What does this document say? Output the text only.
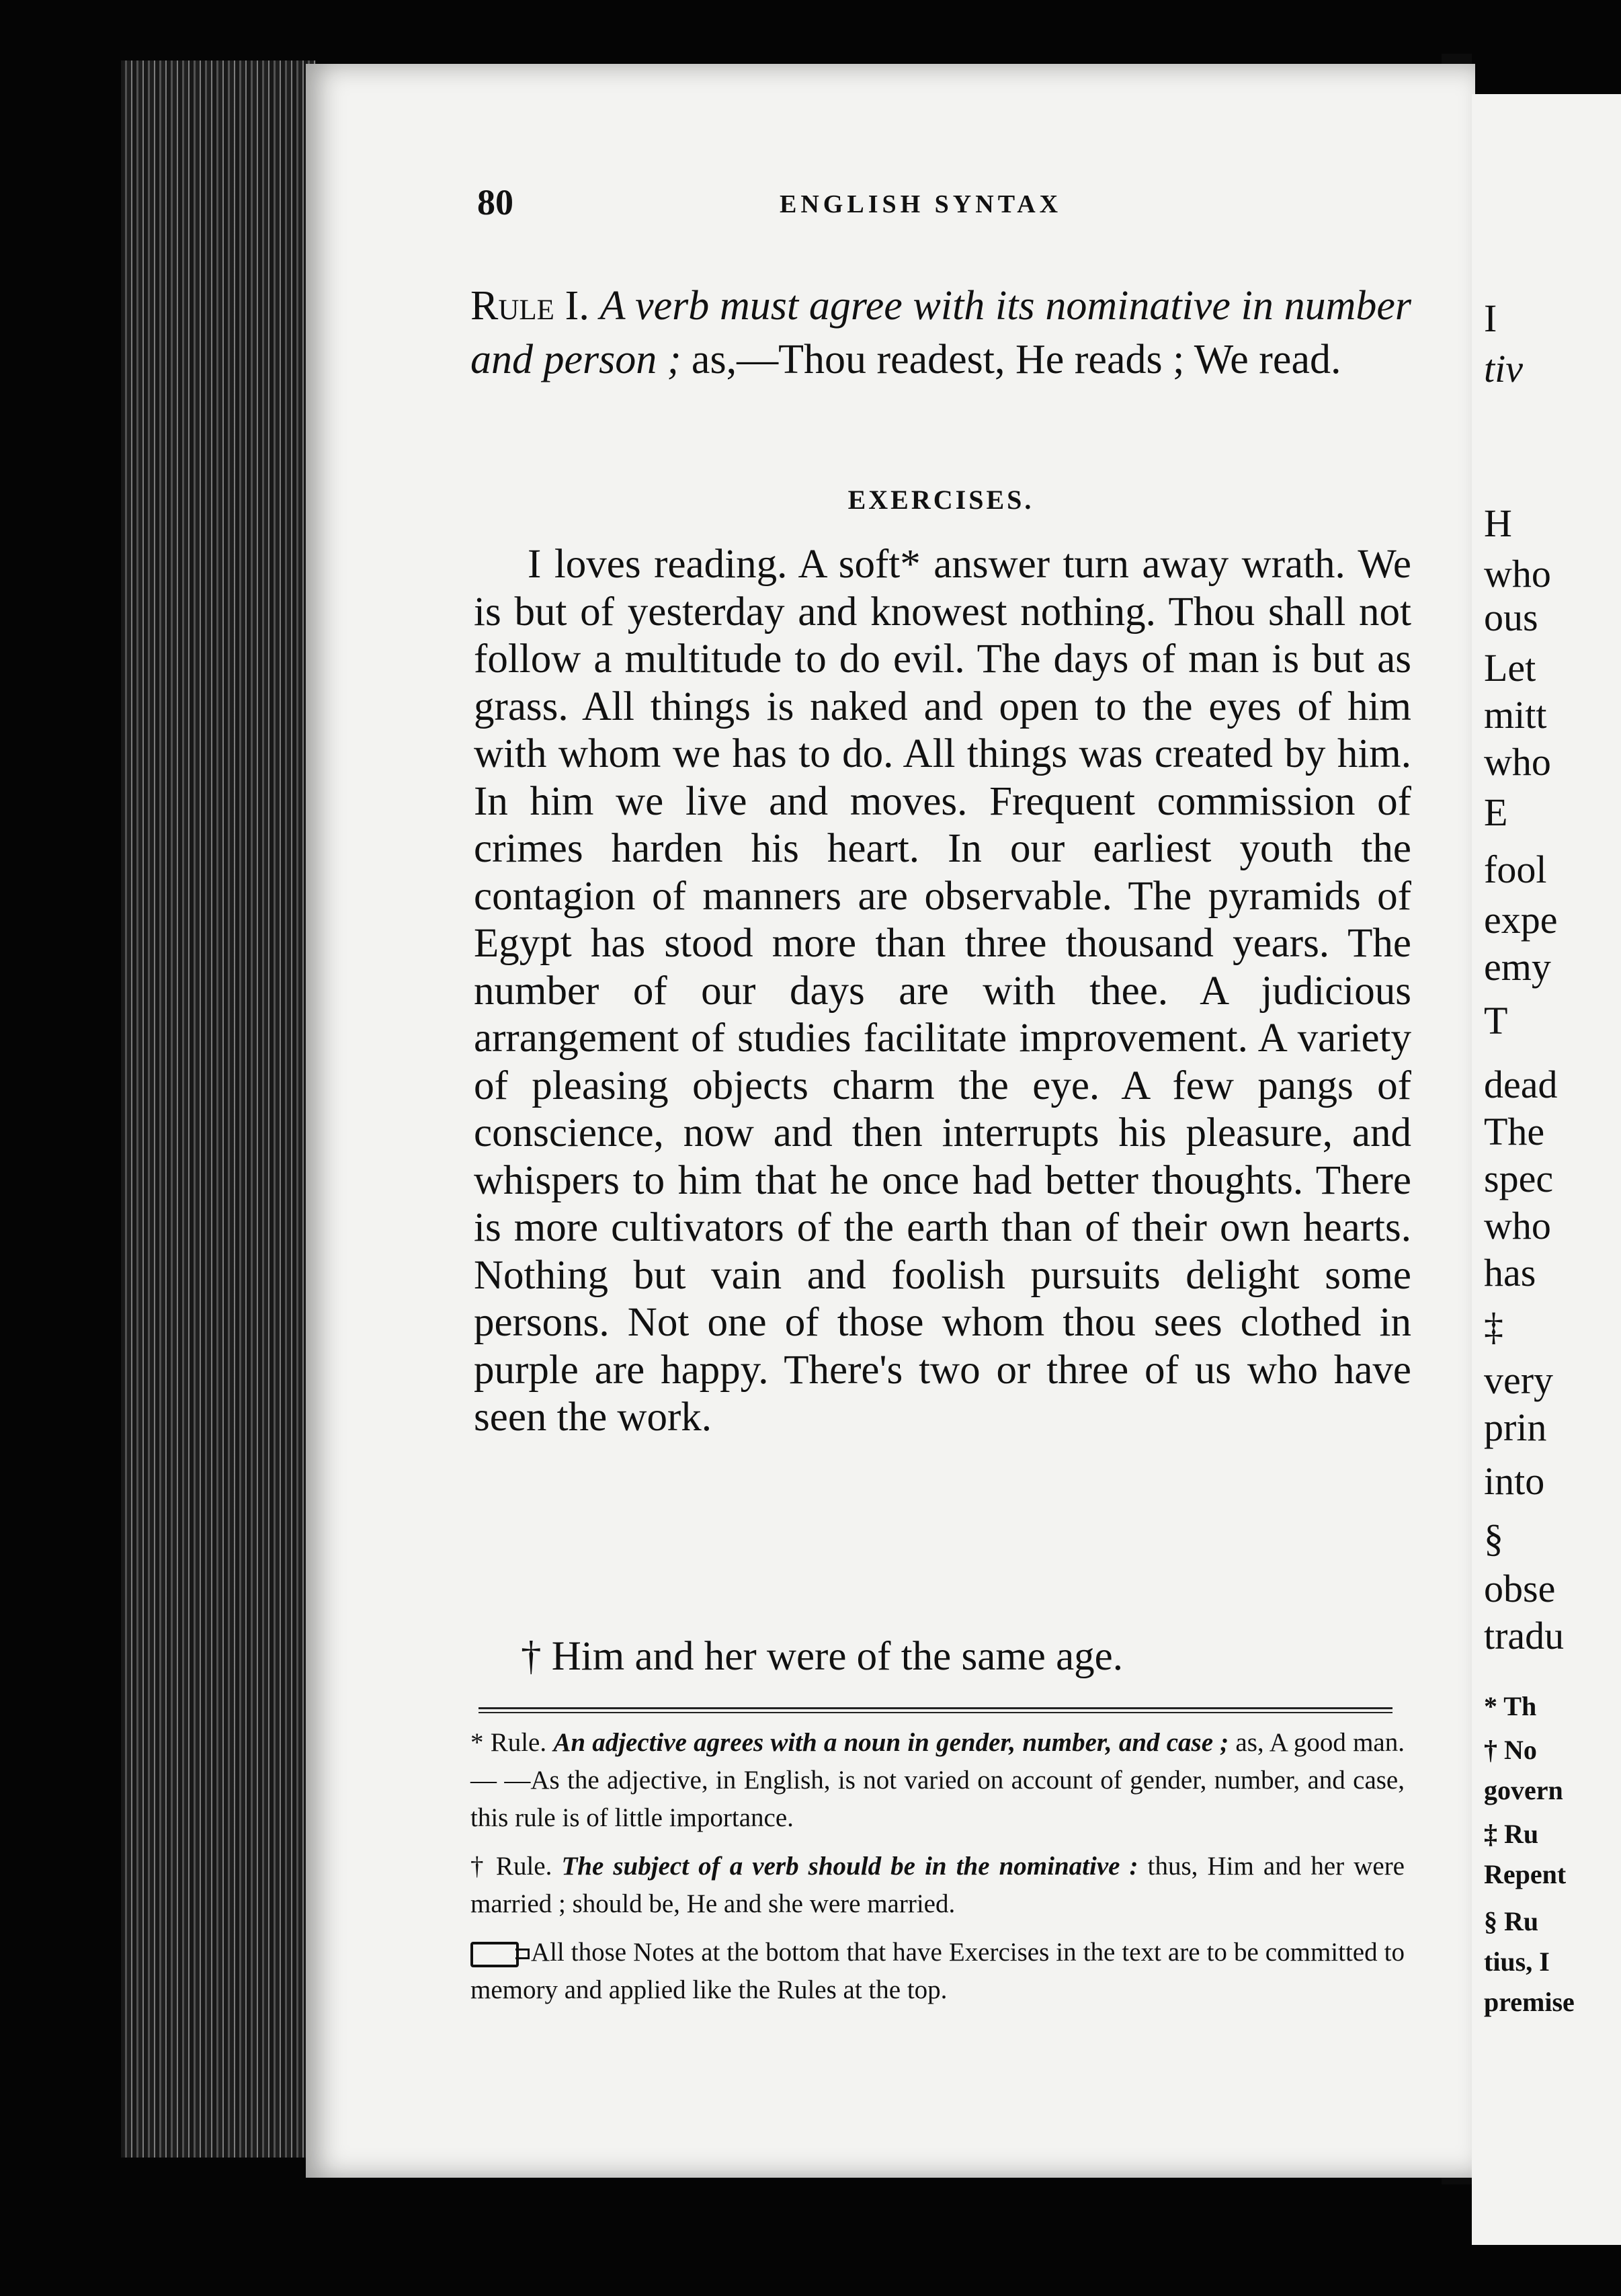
80	ENGLISH SYNTAX
Rule I. A verb must agree with its nominative in number and person ; as,—Thou readest, He reads ; We read.
EXERCISES.
I loves reading. A soft* answer turn away wrath. We is but of yesterday and knowest nothing. Thou shall not follow a multitude to do evil. The days of man is but as grass. All things is naked and open to the eyes of him with whom we has to do. All things was created by him. In him we live and moves. Frequent commission of crimes harden his heart. In our earliest youth the contagion of manners are observable. The pyramids of Egypt has stood more than three thousand years. The number of our days are with thee. A judicious arrangement of studies facilitate improvement. A variety of pleasing objects charm the eye. A few pangs of conscience, now and then interrupts his pleasure, and whispers to him that he once had better thoughts. There is more cultivators of the earth than of their own hearts. Nothing but vain and foolish pursuits delight some persons. Not one of those whom thou sees clothed in purple are happy. There's two or three of us who have seen the work.
† Him and her were of the same age.

* Rule. An adjective agrees with a noun in gender, number, and case ; as, A good man.— —As the adjective, in English, is not varied on account of gender, number, and case, this rule is of little importance.

† Rule. The subject of a verb should be in the nominative : thus, Him and her were married ; should be, He and she were married.

All those Notes at the bottom that have Exercises in the text are to be committed to memory and applied like the Rules at the top.

I
tiv
H
who
ous
Let
mitt
who
E
fool
expe
emy
T
dead
The
spec
who
has
‡
very
prin
into
§
obse
tradu
* Th
† No
govern
‡ Ru
Repent
§ Ru
tius, I
premise
